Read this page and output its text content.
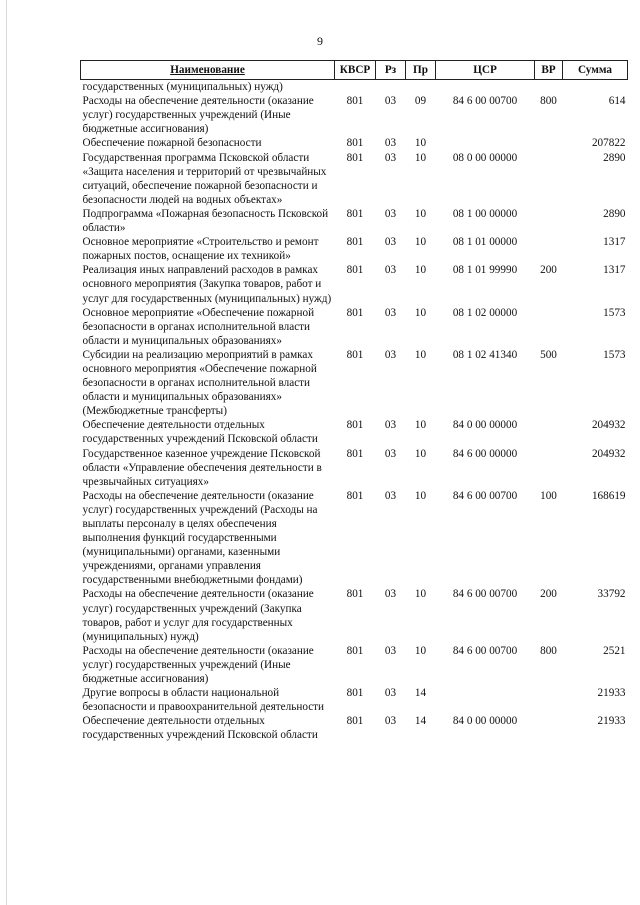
9
Наименование	КВСР	Рз	Пр	ЦСР	ВР	Сумма
государственных (муниципальных) нужд)						
Расходы на обеспечение деятельности (оказание услуг) государственных учреждений (Иные бюджетные ассигнования)	801	03	09	84 6 00 00700	800	614
Обеспечение пожарной безопасности	801	03	10			207822
Государственная программа Псковской области «Защита населения и территорий от чрезвычайных ситуаций, обеспечение пожарной безопасности и безопасности людей на водных объектах»	801	03	10	08 0 00 00000		2890
Подпрограмма «Пожарная безопасность Псковской области»	801	03	10	08 1 00 00000		2890
Основное мероприятие «Строительство и ремонт пожарных постов, оснащение их техникой»	801	03	10	08 1 01 00000		1317
Реализация иных направлений расходов в рамках основного мероприятия (Закупка товаров, работ и услуг для государственных (муниципальных) нужд)	801	03	10	08 1 01 99990	200	1317
Основное мероприятие «Обеспечение пожарной безопасности в органах исполнительной власти области и муниципальных образованиях»	801	03	10	08 1 02 00000		1573
Субсидии на реализацию мероприятий в рамках основного мероприятия «Обеспечение пожарной безопасности в органах исполнительной власти области и муниципальных образованиях» (Межбюджетные трансферты)	801	03	10	08 1 02 41340	500	1573
Обеспечение деятельности отдельных государственных учреждений Псковской области	801	03	10	84 0 00 00000		204932
Государственное казенное учреждение Псковской области «Управление обеспечения деятельности в чрезвычайных ситуациях»	801	03	10	84 6 00 00000		204932
Расходы на обеспечение деятельности (оказание услуг) государственных учреждений (Расходы на выплаты персоналу в целях обеспечения выполнения функций государственными (муниципальными) органами, казенными учреждениями, органами управления государственными внебюджетными фондами)	801	03	10	84 6 00 00700	100	168619
Расходы на обеспечение деятельности (оказание услуг) государственных учреждений (Закупка товаров, работ и услуг для государственных (муниципальных) нужд)	801	03	10	84 6 00 00700	200	33792
Расходы на обеспечение деятельности (оказание услуг) государственных учреждений (Иные бюджетные ассигнования)	801	03	10	84 6 00 00700	800	2521
Другие вопросы в области национальной безопасности и правоохранительной деятельности	801	03	14			21933
Обеспечение деятельности отдельных государственных учреждений Псковской области	801	03	14	84 0 00 00000		21933
